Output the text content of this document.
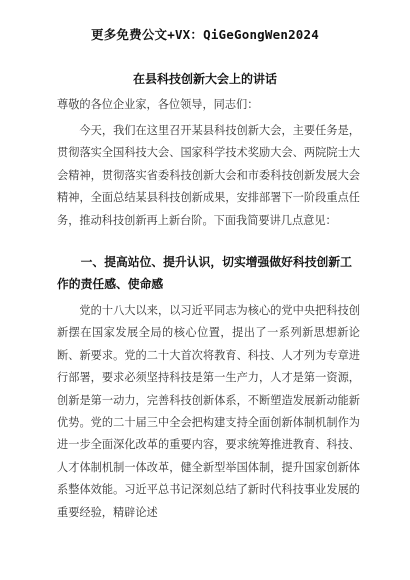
更多免费公文+VX：QiGeGongWen2024
在县科技创新大会上的讲话
尊敬的各位企业家，各位领导，同志们：

今天，我们在这里召开某县科技创新大会，主要任务是，贯彻落实全国科技大会、国家科学技术奖励大会、两院院士大会精神，贯彻落实省委科技创新大会和市委科技创新发展大会精神，全面总结某县科技创新成果，安排部署下一阶段重点任务，推动科技创新再上新台阶。下面我简要讲几点意见：

一、提高站位、提升认识，切实增强做好科技创新工作的责任感、使命感

党的十八大以来，以习近平同志为核心的党中央把科技创新摆在国家发展全局的核心位置，提出了一系列新思想新论断、新要求。党的二十大首次将教育、科技、人才列为专章进行部署，要求必须坚持科技是第一生产力，人才是第一资源，创新是第一动力，完善科技创新体系，不断塑造发展新动能新优势。党的二十届三中全会把构建支持全面创新体制机制作为进一步全面深化改革的重要内容，要求统筹推进教育、科技、人才体制机制一体改革，健全新型举国体制，提升国家创新体系整体效能。习近平总书记深刻总结了新时代科技事业发展的重要经验，精辟论述
